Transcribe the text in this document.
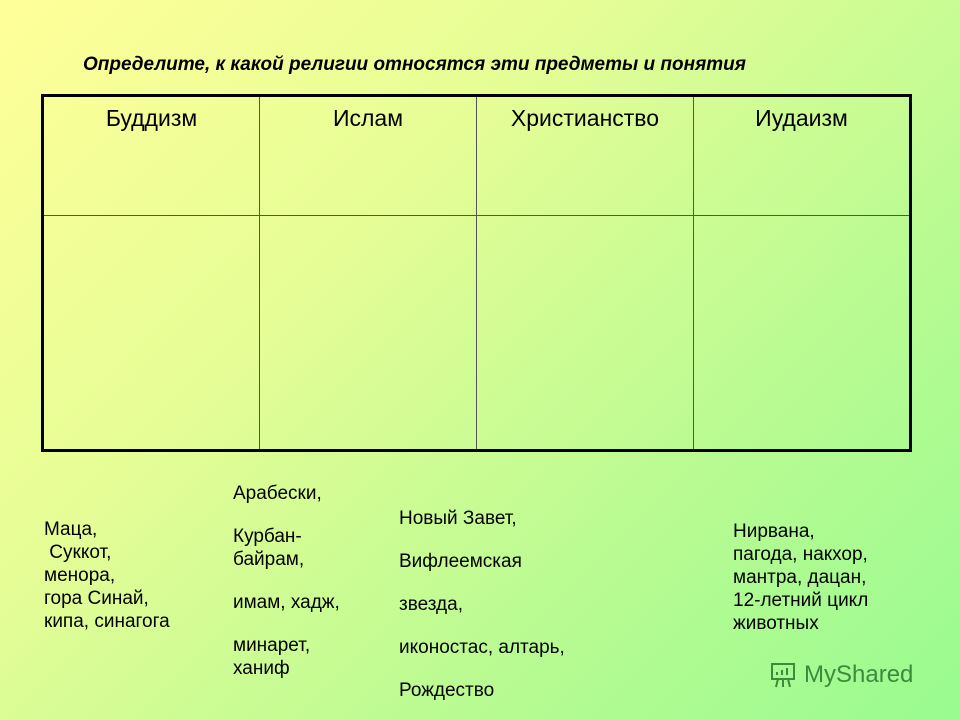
Определите, к какой религии относятся эти предметы и понятия
Буддизм	Ислам	Христианство	Иудаизм

Маца,
Суккот,
менора,
гора Синай,
кипа, синагога
Арабески,
Курбан-
байрам,
имам, хадж,
минарет,
ханиф
Новый Завет,
Вифлеемская
звезда,
иконостас, алтарь,
Рождество
Нирвана,
пагода, накхор,
мантра, дацан,
12-летний цикл
животных
MyShared
